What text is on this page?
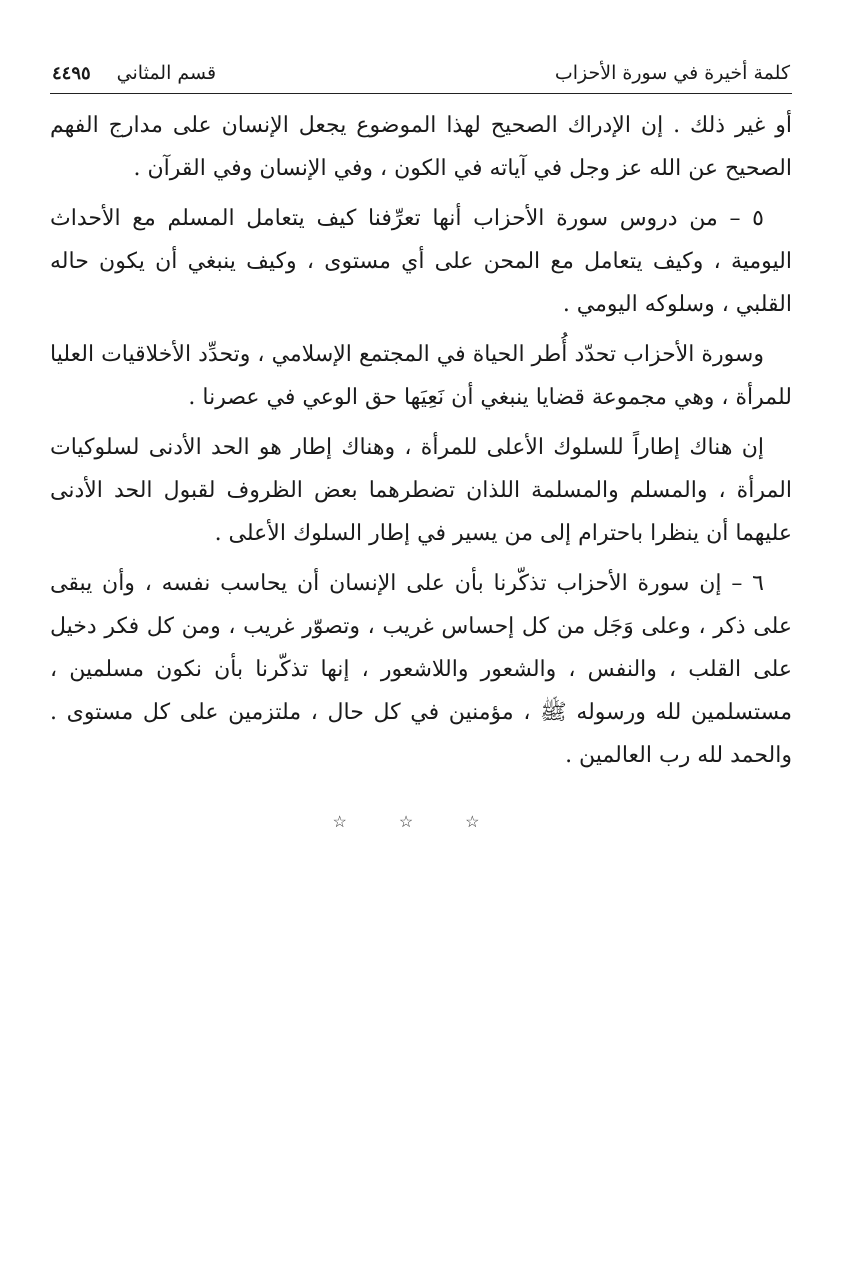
كلمة أخيرة في سورة الأحزاب
قسم المثاني
٤٤٩٥

أو غير ذلك . إن الإدراك الصحيح لهذا الموضوع يجعل الإنسان على مدارج الفهم الصحيح عن الله عز وجل في آياته في الكون ، وفي الإنسان وفي القرآن .

٥ – من دروس سورة الأحزاب أنها تعرِّفنا كيف يتعامل المسلم مع الأحداث اليومية ، وكيف يتعامل مع المحن على أي مستوى ، وكيف ينبغي أن يكون حاله القلبي ، وسلوكه اليومي .

وسورة الأحزاب تحدّد أُطر الحياة في المجتمع الإسلامي ، وتحدِّد الأخلاقيات العليا للمرأة ، وهي مجموعة قضايا ينبغي أن نَعِيَها حق الوعي في عصرنا .

إن هناك إطاراً للسلوك الأعلى للمرأة ، وهناك إطار هو الحد الأدنى لسلوكيات المرأة ، والمسلم والمسلمة اللذان تضطرهما بعض الظروف لقبول الحد الأدنى عليهما أن ينظرا باحترام إلى من يسير في إطار السلوك الأعلى .

٦ – إن سورة الأحزاب تذكّرنا بأن على الإنسان أن يحاسب نفسه ، وأن يبقى على ذكر ، وعلى وَجَل من كل إحساس غريب ، وتصوّر غريب ، ومن كل فكر دخيل على القلب ، والنفس ، والشعور واللاشعور ، إنها تذكّرنا بأن نكون مسلمين ، مستسلمين لله ورسوله ﷺ ، مؤمنين في كل حال ، ملتزمين على كل مستوى . والحمد لله رب العالمين .

☆☆☆
